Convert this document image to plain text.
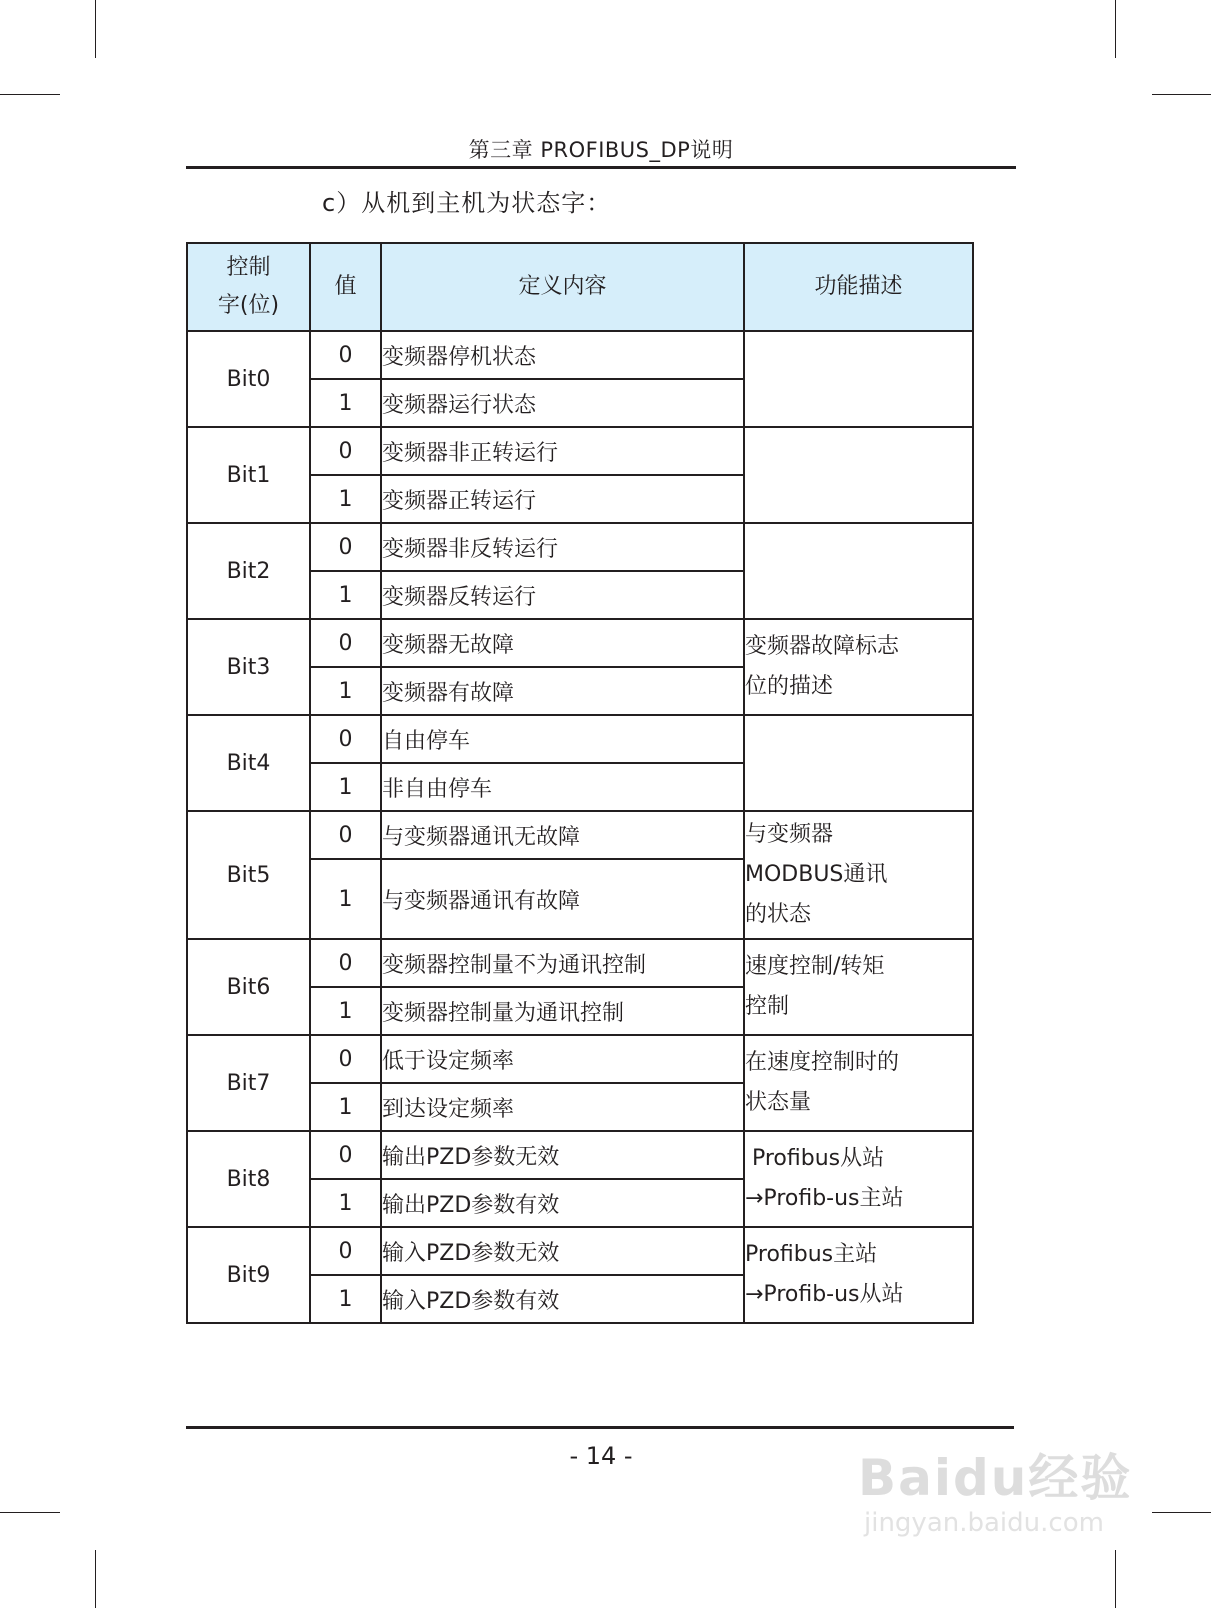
第三章 PROFIBUS_DP说明
c）从机到主机为状态字：
控制字(位)	值	定义内容	功能描述
Bit0	0	变频器停机状态	
	1	变频器运行状态	
Bit1	0	变频器非正转运行	
	1	变频器正转运行	
Bit2	0	变频器非反转运行	
	1	变频器反转运行	
Bit3	0	变频器无故障	变频器故障标志
位的描述

	1	变频器有故障	
Bit4	0	自由停车	
	1	非自由停车	
Bit5	0	与变频器通讯无故障	与变频器
MODBUS通讯
的状态

	1	与变频器通讯有故障	
Bit6	0	变频器控制量不为通讯控制	速度控制/转矩
控制

	1	变频器控制量为通讯控制	
Bit7	0	低于设定频率	在速度控制时的
状态量

	1	到达设定频率	
Bit8	0	输出PZD参数无效	Profibus从站
→Profib-us主站

	1	输出PZD参数有效	
Bit9	0	输入PZD参数无效	Profibus主站
→Profib-us从站

	1	输入PZD参数有效	
- 14 -	Baidu经验
jingyan.baidu.com
